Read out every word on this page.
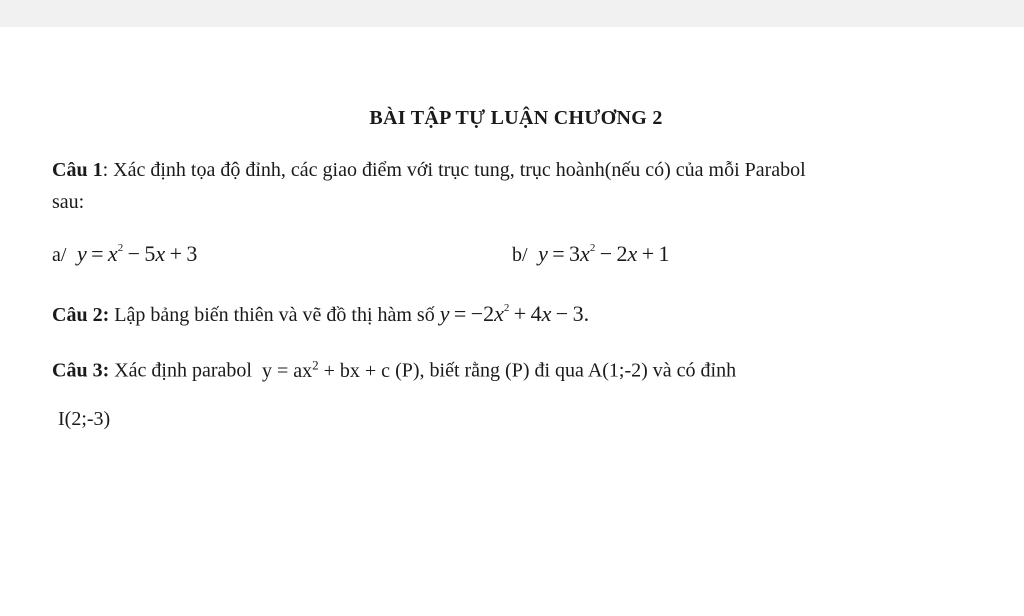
BÀI TẬP TỰ LUẬN CHƯƠNG 2
Câu 1: Xác định tọa độ đỉnh, các giao điểm với trục tung, trục hoành(nếu có) của mỗi Parabol
sau:
a/ $y = x^2 - 5x + 3$	b/ $y = 3x^2 - 2x + 1$
Câu 2: Lập bảng biến thiên và vẽ đồ thị hàm số $y = -2x^2 + 4x - 3$.
Câu 3: Xác định parabol  $y = ax^2$ + bx + c (P), biết rằng (P) đi qua A(1;-2) và có đỉnh
I(2;-3)
